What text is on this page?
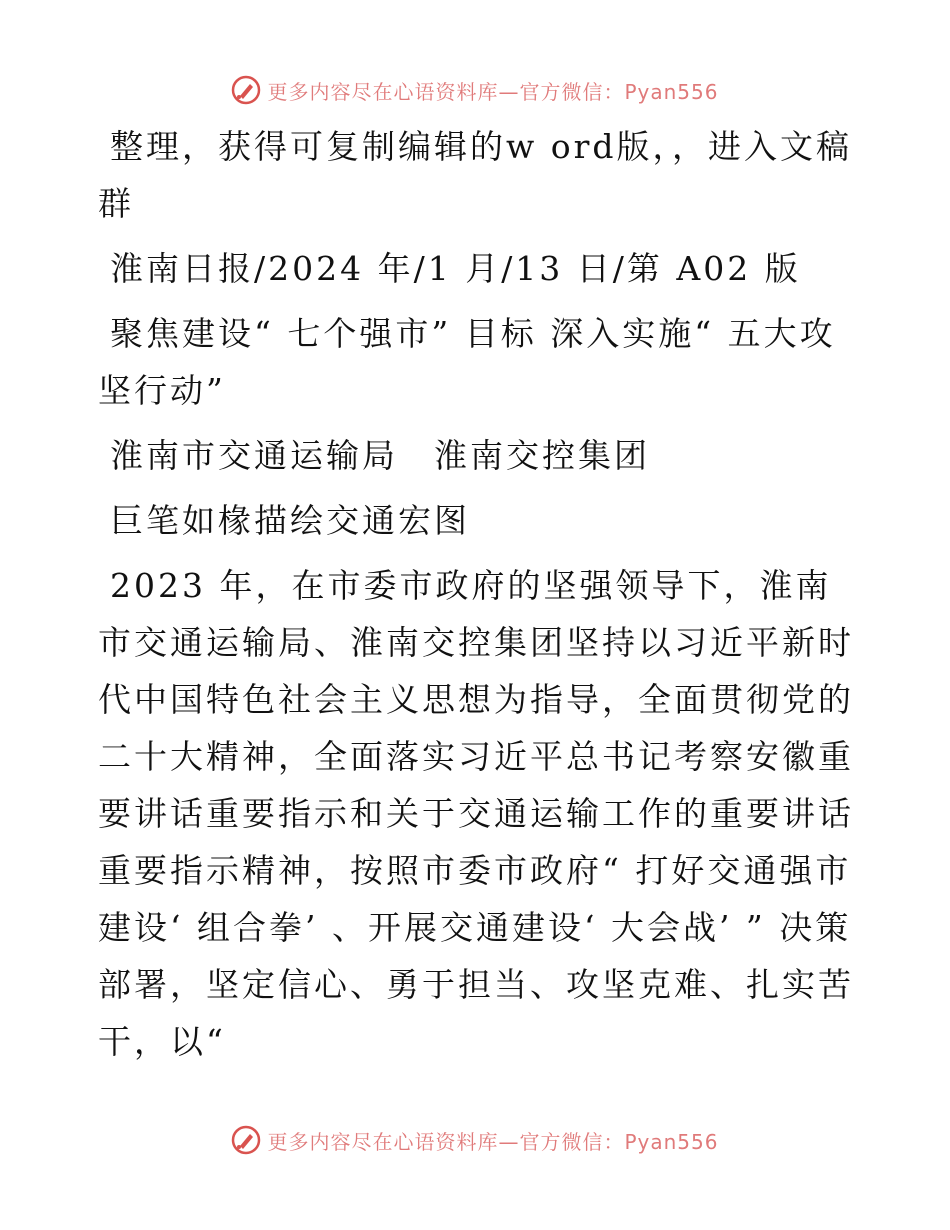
更多内容尽在心语资料库—官方微信：Pyan556

整理，获得可复制编辑的w ord版，，进入文稿群

淮南日报/2024 年/1 月/13 日/第 A02 版

聚焦建设“ 七个强市” 目标 深入实施“ 五大攻坚行动”

淮南市交通运输局　淮南交控集团

巨笔如椽描绘交通宏图

2023 年，在市委市政府的坚强领导下，淮南市交通运输局、淮南交控集团坚持以习近平新时代中国特色社会主义思想为指导，全面贯彻党的二十大精神，全面落实习近平总书记考察安徽重要讲话重要指示和关于交通运输工作的重要讲话重要指示精神，按照市委市政府“ 打好交通强市建设‘ 组合拳’ 、开展交通建设‘ 大会战’ ” 决策部署，坚定信心、勇于担当、攻坚克难、扎实苦干，以“

更多内容尽在心语资料库—官方微信：Pyan556
